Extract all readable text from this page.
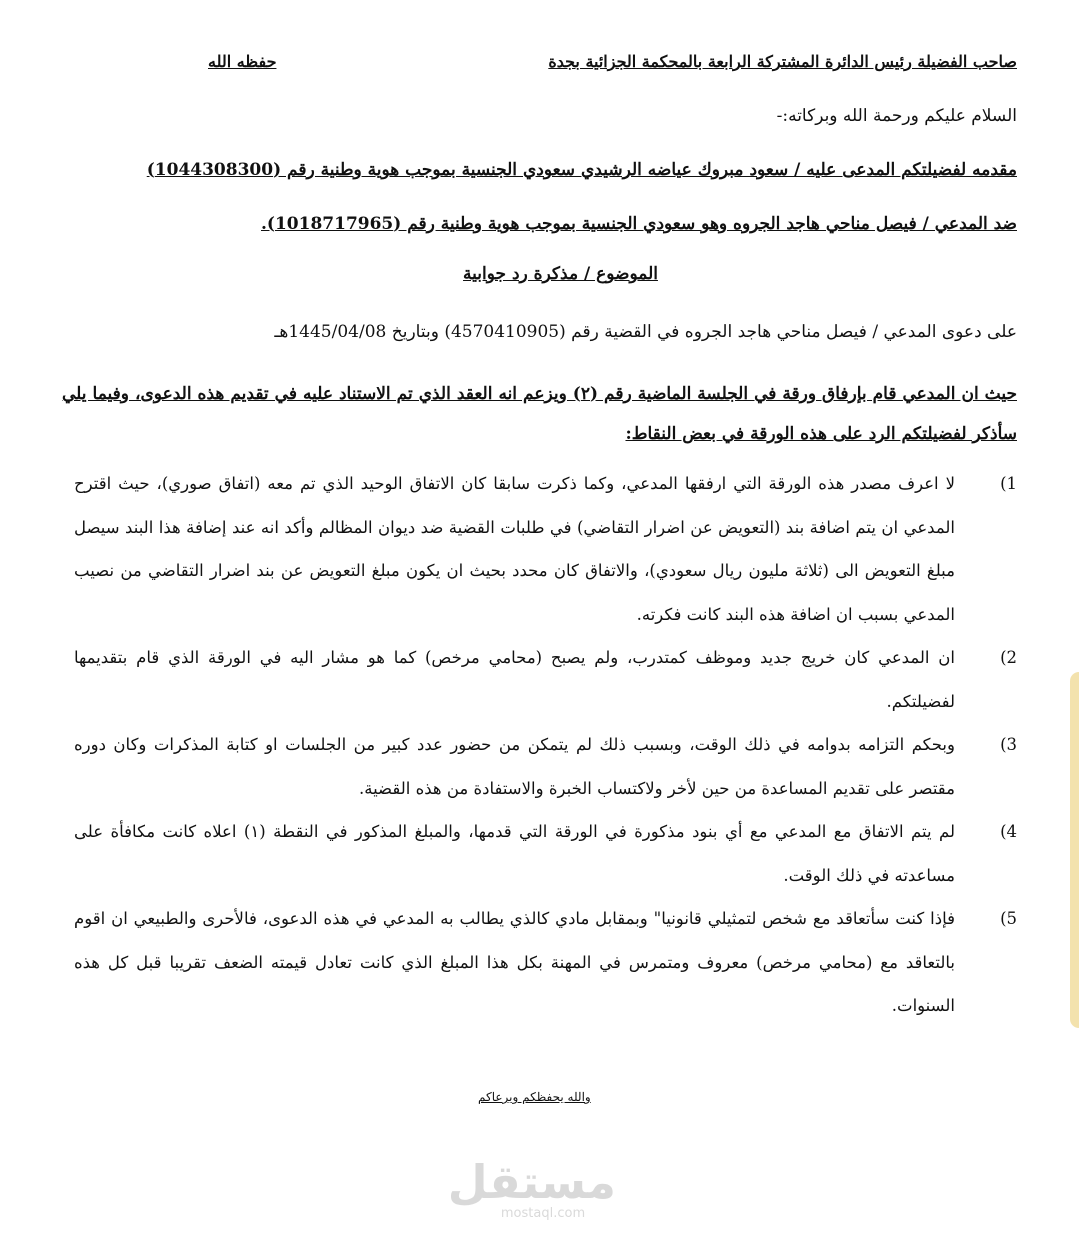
صاحب الفضيلة رئيس الدائرة المشتركة الرابعة بالمحكمة الجزائية بجدة
حفظه الله
السلام عليكم ورحمة الله وبركاته:-
مقدمه لفضيلتكم المدعى عليه / سعود مبروك عياضه الرشيدي سعودي الجنسية بموجب هوية وطنية رقم (1044308300)
ضد المدعي / فيصل مناحي هاجد الجروه وهو سعودي الجنسية بموجب هوية وطنية رقم (1018717965).
الموضوع / مذكرة رد جوابية
على دعوى المدعي / فيصل مناحي هاجد الجروه في القضية رقم (4570410905) وبتاريخ 1445/04/08هـ
حيث ان المدعي قام بإرفاق ورقة في الجلسة الماضية رقم (٢) ويزعم انه العقد الذي تم الاستناد عليه في تقديم هذه الدعوى، وفيما يلي سأذكر لفضيلتكم الرد على هذه الورقة في بعض النقاط:
1)
لا اعرف مصدر هذه الورقة التي ارفقها المدعي، وكما ذكرت سابقا كان الاتفاق الوحيد الذي تم معه (اتفاق صوري)، حيث اقترح المدعي ان يتم اضافة بند (التعويض عن اضرار التقاضي) في طلبات القضية ضد ديوان المظالم وأكد انه عند إضافة هذا البند سيصل مبلغ التعويض الى (ثلاثة مليون ريال سعودي)، والاتفاق كان محدد بحيث ان يكون مبلغ التعويض عن بند اضرار التقاضي من نصيب المدعي بسبب ان اضافة هذه البند كانت فكرته.
2)
ان المدعي كان خريج جديد وموظف كمتدرب، ولم يصبح (محامي مرخص) كما هو مشار اليه في الورقة الذي قام بتقديمها لفضيلتكم.
3)
وبحكم التزامه بدوامه في ذلك الوقت، وبسبب ذلك لم يتمكن من حضور عدد كبير من الجلسات او كتابة المذكرات وكان دوره مقتصر على تقديم المساعدة من حين لأخر ولاكتساب الخبرة والاستفادة من هذه القضية.
4)
لم يتم الاتفاق مع المدعي مع أي بنود مذكورة في الورقة التي قدمها، والمبلغ المذكور في النقطة (١) اعلاه كانت مكافأة على مساعدته في ذلك الوقت.
5)
فإذا كنت سأتعاقد مع شخص لتمثيلي قانونيا" وبمقابل مادي كالذي يطالب به المدعي في هذه الدعوى، فالأحرى والطبيعي ان اقوم بالتعاقد مع (محامي مرخص) معروف ومتمرس في المهنة بكل هذا المبلغ الذي كانت تعادل قيمته الضعف تقريبا قبل كل هذه السنوات.
والله يحفظكم ويرعاكم
مستقل
mostaql.com
